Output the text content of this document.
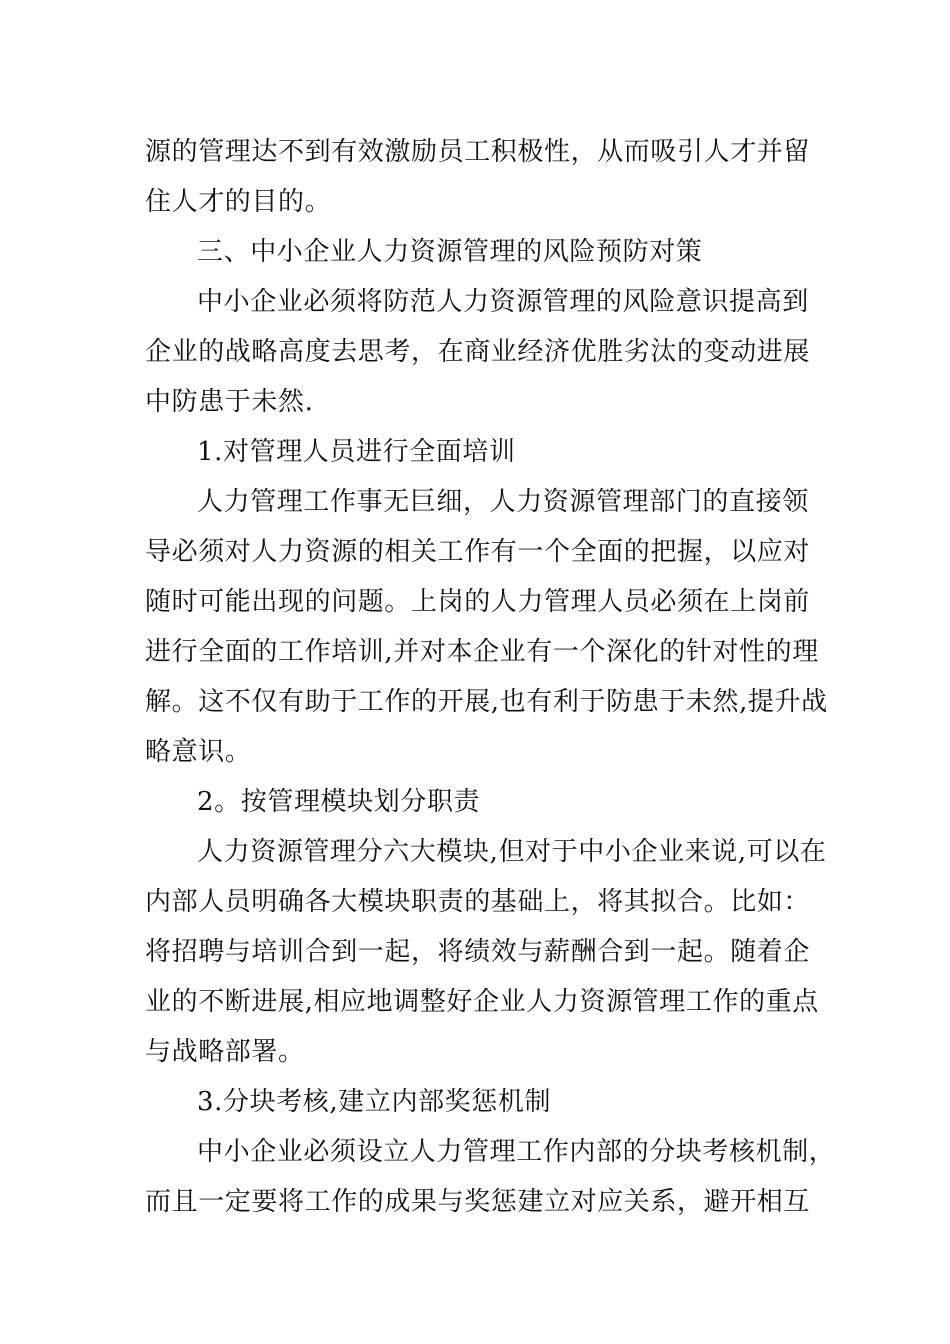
源的管理达不到有效激励员工积极性，从而吸引人才并留
住人才的目的。
三、中小企业人力资源管理的风险预防对策
中小企业必须将防范人力资源管理的风险意识提高到
企业的战略高度去思考，在商业经济优胜劣汰的变动进展
中防患于未然.
1.对管理人员进行全面培训
人力管理工作事无巨细，人力资源管理部门的直接领
导必须对人力资源的相关工作有一个全面的把握，以应对
随时可能出现的问题。上岗的人力管理人员必须在上岗前
进行全面的工作培训,并对本企业有一个深化的针对性的理
解。这不仅有助于工作的开展,也有利于防患于未然,提升战
略意识。
2。按管理模块划分职责
人力资源管理分六大模块,但对于中小企业来说,可以在
内部人员明确各大模块职责的基础上，将其拟合。比如：
将招聘与培训合到一起，将绩效与薪酬合到一起。随着企
业的不断进展,相应地调整好企业人力资源管理工作的重点
与战略部署。
3.分块考核,建立内部奖惩机制
中小企业必须设立人力管理工作内部的分块考核机制，
而且一定要将工作的成果与奖惩建立对应关系，避开相互
